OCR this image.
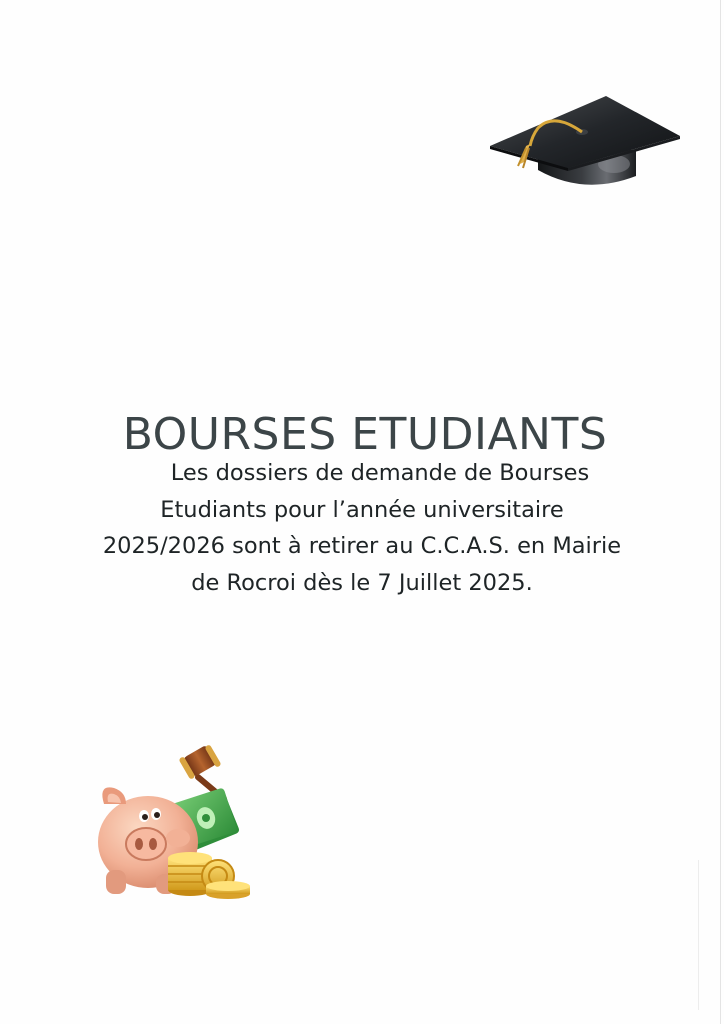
BOURSES ETUDIANTS
Les dossiers de demande de Bourses
Etudiants pour l’année universitaire
2025/2026 sont à retirer au C.C.A.S. en Mairie
de Rocroi dès le 7 Juillet 2025.
